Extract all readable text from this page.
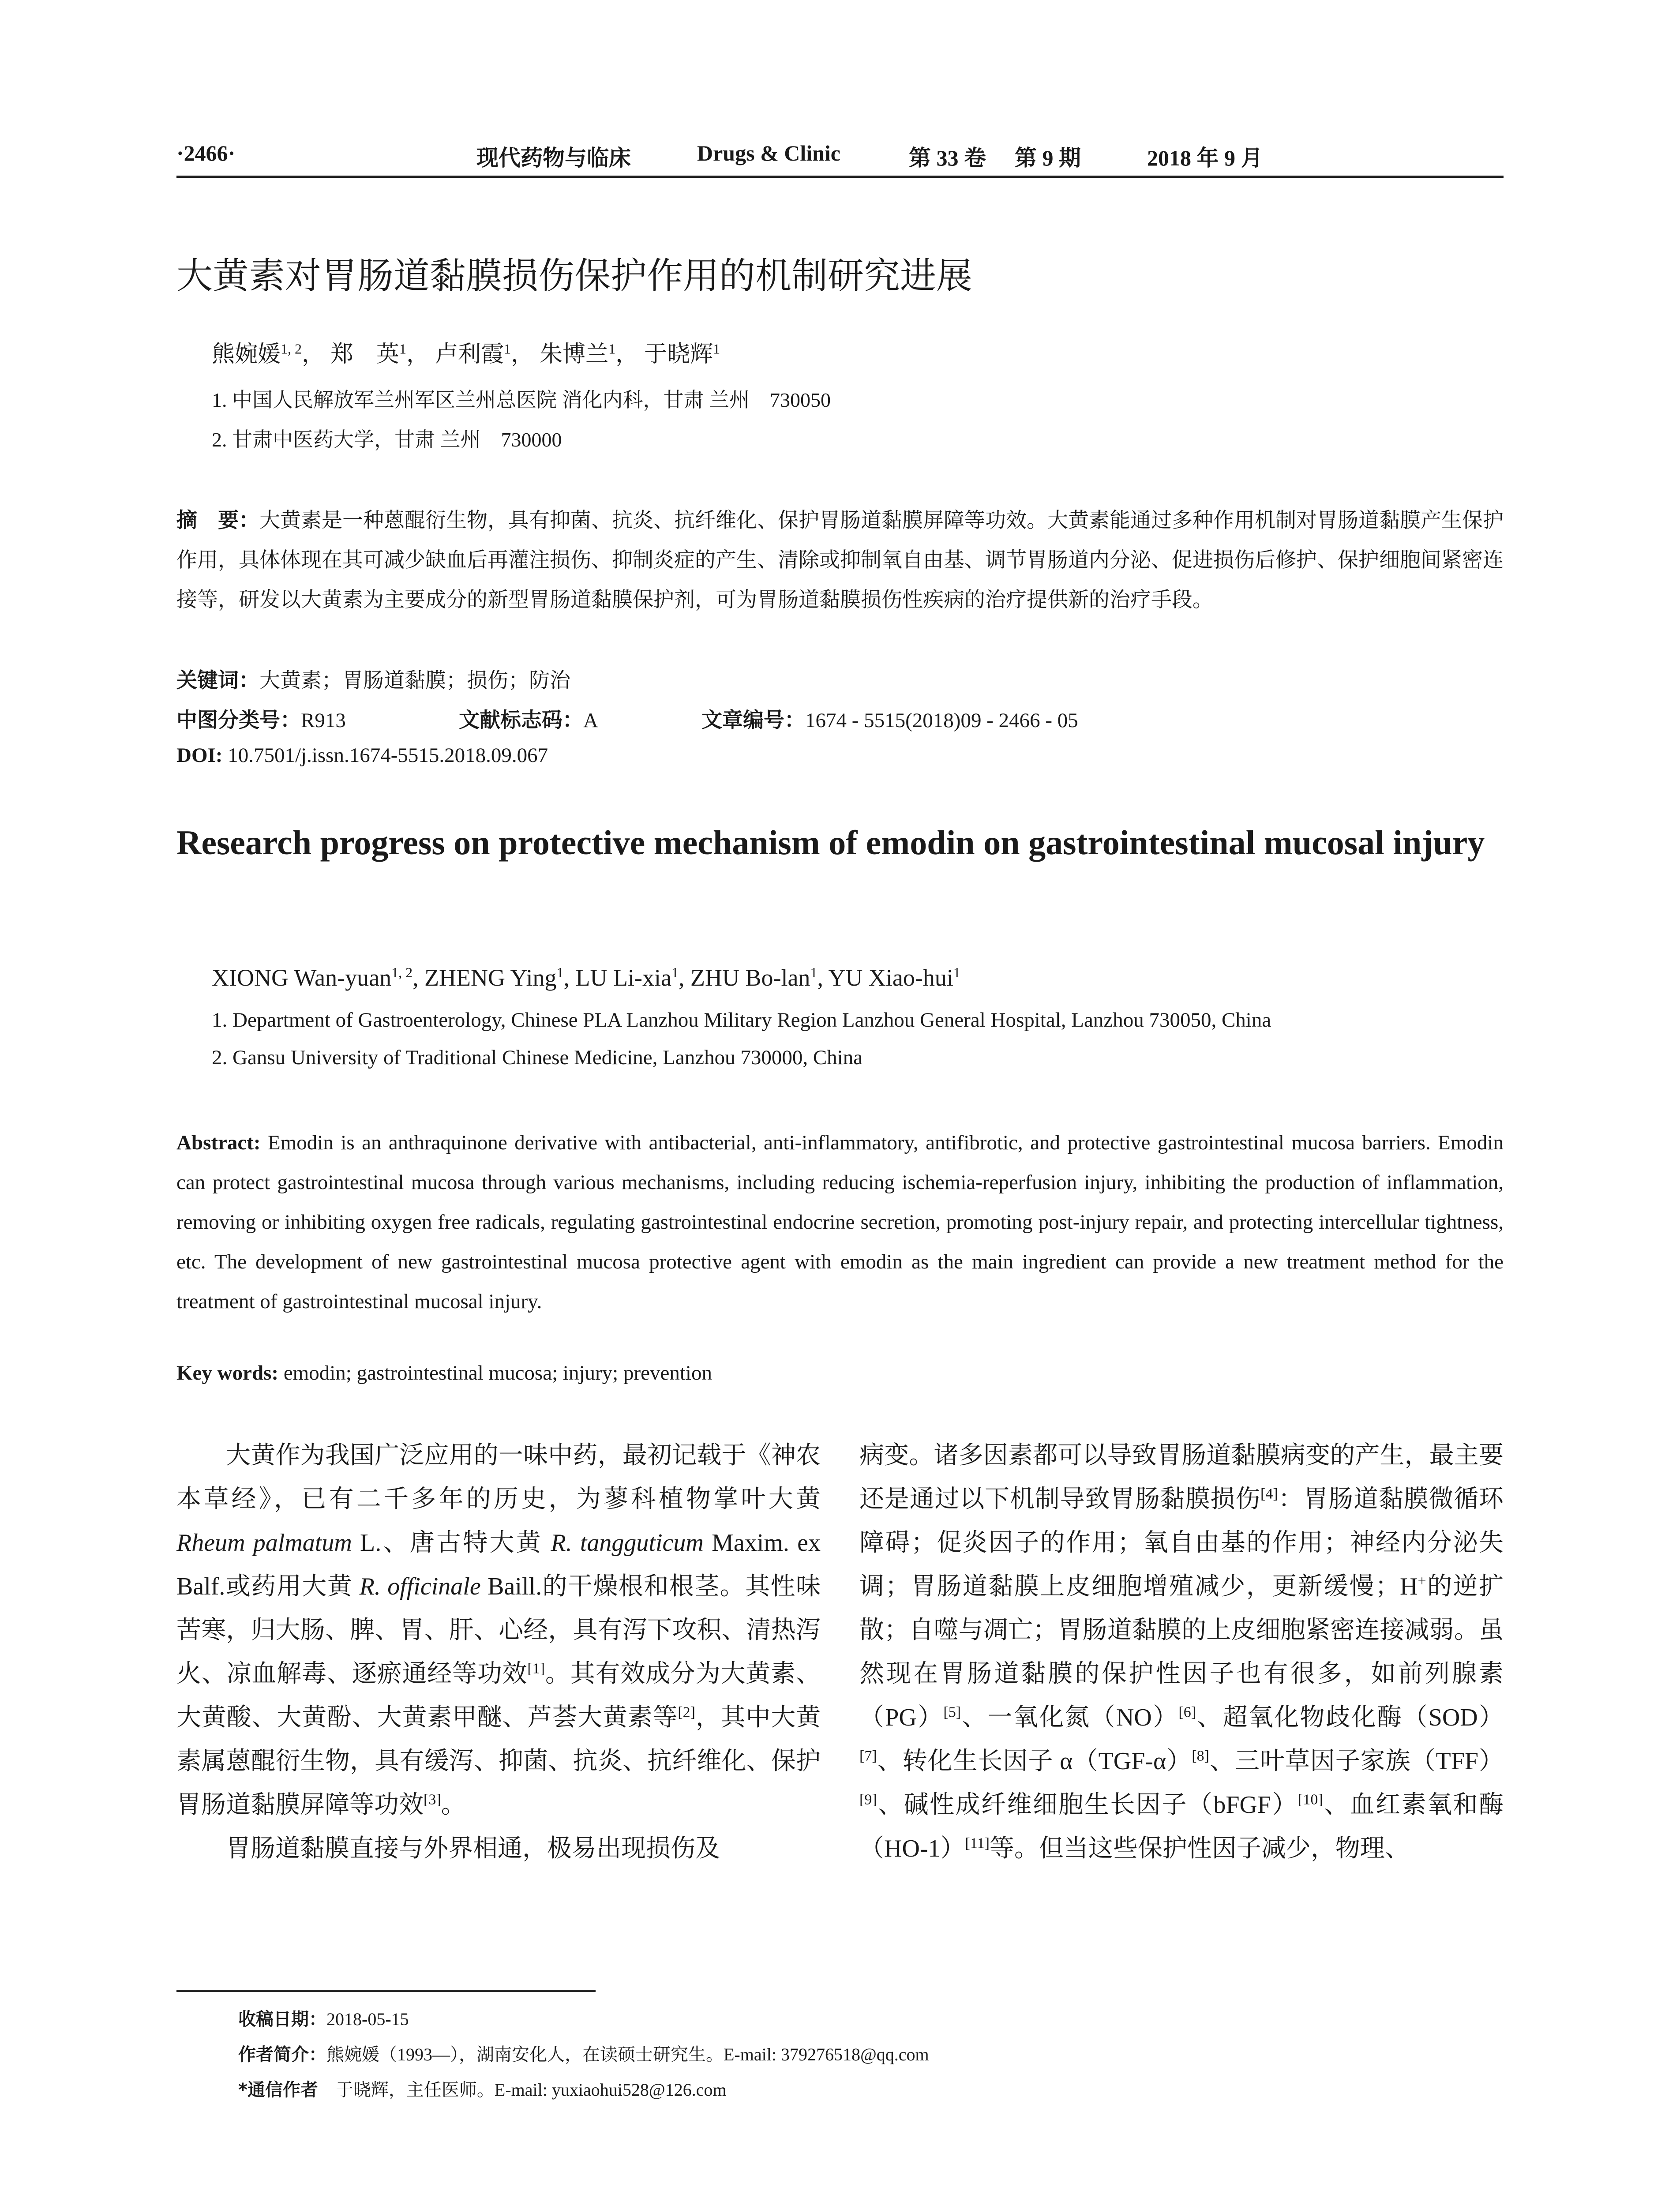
·2466·	现代药物与临床	Drugs & Clinic	第 33 卷 第 9 期	2018 年 9 月
大黄素对胃肠道黏膜损伤保护作用的机制研究进展
熊婉媛$^{1, 2}$， 郑　英$^1$， 卢利霞$^1$， 朱博兰$^1$， 于晓辉$^1$
1. 中国人民解放军兰州军区兰州总医院 消化内科，甘肃 兰州　730050
2. 甘肃中医药大学，甘肃 兰州　730000
摘　要：大黄素是一种蒽醌衍生物，具有抑菌、抗炎、抗纤维化、保护胃肠道黏膜屏障等功效。大黄素能通过多种作用机制对胃肠道黏膜产生保护作用，具体体现在其可减少缺血后再灌注损伤、抑制炎症的产生、清除或抑制氧自由基、调节胃肠道内分泌、促进损伤后修护、保护细胞间紧密连接等，研发以大黄素为主要成分的新型胃肠道黏膜保护剂，可为胃肠道黏膜损伤性疾病的治疗提供新的治疗手段。
关键词：大黄素；胃肠道黏膜；损伤；防治
中图分类号：R913	文献标志码：A	文章编号：1674 - 5515(2018)09 - 2466 - 05
DOI: 10.7501/j.issn.1674-5515.2018.09.067
Research progress on protective mechanism of emodin on gastrointestinal mucosal injury
XIONG Wan-yuan$^{1, 2}$, ZHENG Ying$^1$, LU Li-xia$^1$, ZHU Bo-lan$^1$, YU Xiao-hui$^1$
1. Department of Gastroenterology, Chinese PLA Lanzhou Military Region Lanzhou General Hospital, Lanzhou 730050, China
2. Gansu University of Traditional Chinese Medicine, Lanzhou 730000, China
Abstract: Emodin is an anthraquinone derivative with antibacterial, anti-inflammatory, antifibrotic, and protective gastrointestinal mucosa barriers. Emodin can protect gastrointestinal mucosa through various mechanisms, including reducing ischemia-reperfusion injury, inhibiting the production of inflammation, removing or inhibiting oxygen free radicals, regulating gastrointestinal endocrine secretion, promoting post-injury repair, and protecting intercellular tightness, etc. The development of new gastrointestinal mucosa protective agent with emodin as the main ingredient can provide a new treatment method for the treatment of gastrointestinal mucosal injury.
Key words: emodin; gastrointestinal mucosa; injury; prevention

大黄作为我国广泛应用的一味中药，最初记载于《神农本草经》，已有二千多年的历史，为蓼科植物掌叶大黄 Rheum palmatum L.、唐古特大黄 R. tangguticum Maxim. ex Balf.或药用大黄 R. officinale Baill.的干燥根和根茎。其性味苦寒，归大肠、脾、胃、肝、心经，具有泻下攻积、清热泻火、凉血解毒、逐瘀通经等功效[1]。其有效成分为大黄素、大黄酸、大黄酚、大黄素甲醚、芦荟大黄素等[2]，其中大黄素属蒽醌衍生物，具有缓泻、抑菌、抗炎、抗纤维化、保护胃肠道黏膜屏障等功效[3]。

胃肠道黏膜直接与外界相通，极易出现损伤及

病变。诸多因素都可以导致胃肠道黏膜病变的产生，最主要还是通过以下机制导致胃肠黏膜损伤[4]：胃肠道黏膜微循环障碍；促炎因子的作用；氧自由基的作用；神经内分泌失调；胃肠道黏膜上皮细胞增殖减少，更新缓慢；H+的逆扩散；自噬与凋亡；胃肠道黏膜的上皮细胞紧密连接减弱。虽然现在胃肠道黏膜的保护性因子也有很多，如前列腺素（PG）[5]、一氧化氮（NO）[6]、超氧化物歧化酶（SOD）[7]、转化生长因子 α（TGF-α）[8]、三叶草因子家族（TFF）[9]、碱性成纤维细胞生长因子（bFGF）[10]、血红素氧和酶（HO-1）[11]等。但当这些保护性因子减少，物理、

收稿日期：2018-05-15
作者简介：熊婉媛（1993—），湖南安化人，在读硕士研究生。E-mail: 379276518@qq.com
*通信作者　于晓辉，主任医师。E-mail: yuxiaohui528@126.com
